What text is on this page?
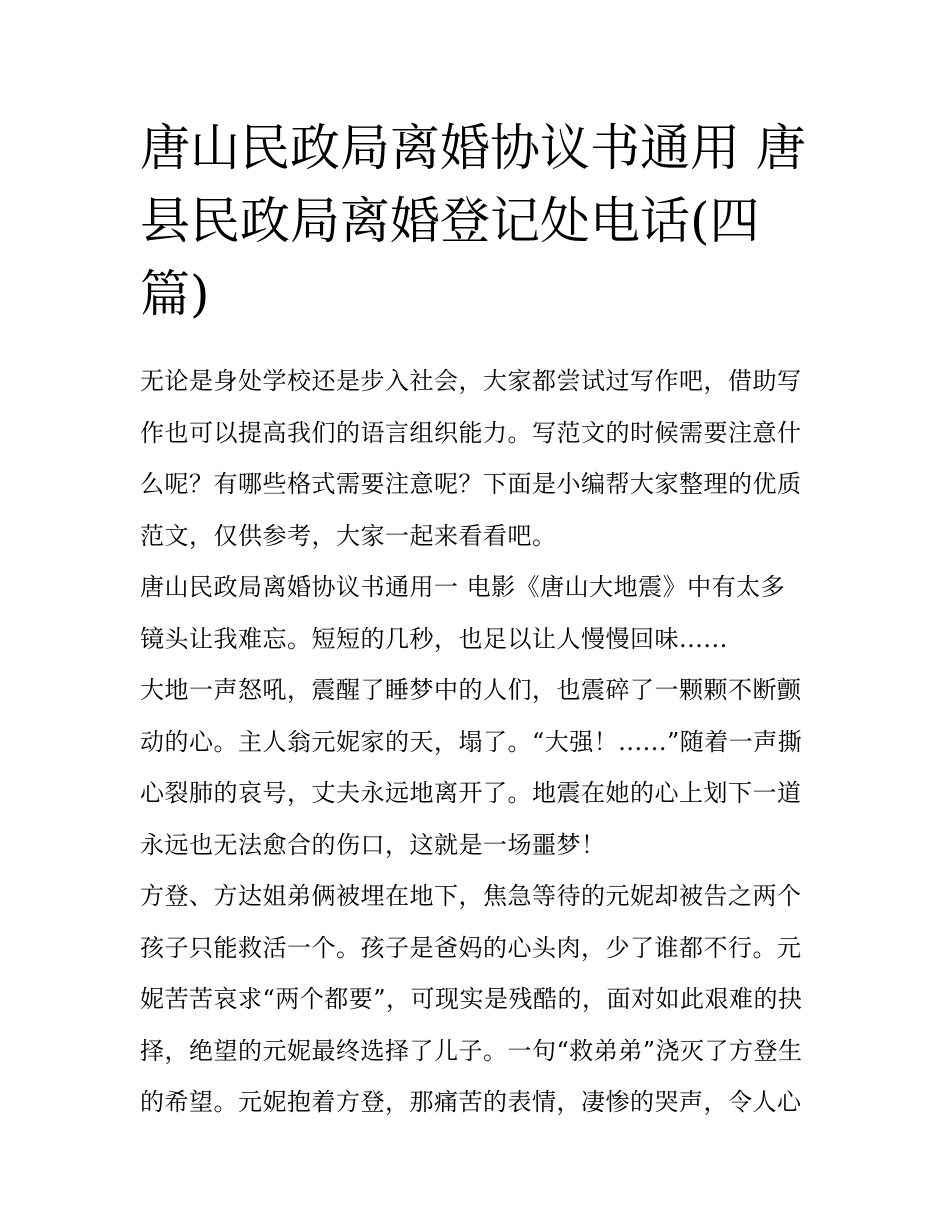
唐山民政局离婚协议书通用 唐
县民政局离婚登记处电话(四
篇)
无论是身处学校还是步入社会，大家都尝试过写作吧，借助写
作也可以提高我们的语言组织能力。写范文的时候需要注意什
么呢？有哪些格式需要注意呢？下面是小编帮大家整理的优质
范文，仅供参考，大家一起来看看吧。
唐山民政局离婚协议书通用一 电影《唐山大地震》中有太多
镜头让我难忘。短短的几秒，也足以让人慢慢回味......
大地一声怒吼，震醒了睡梦中的人们，也震碎了一颗颗不断颤
动的心。主人翁元妮家的天，塌了。“大强！......”随着一声撕
心裂肺的哀号，丈夫永远地离开了。地震在她的心上划下一道
永远也无法愈合的伤口，这就是一场噩梦！
方登、方达姐弟俩被埋在地下，焦急等待的元妮却被告之两个
孩子只能救活一个。孩子是爸妈的心头肉，少了谁都不行。元
妮苦苦哀求“两个都要”，可现实是残酷的，面对如此艰难的抉
择，绝望的元妮最终选择了儿子。一句“救弟弟”浇灭了方登生
的希望。元妮抱着方登，那痛苦的表情，凄惨的哭声，令人心
